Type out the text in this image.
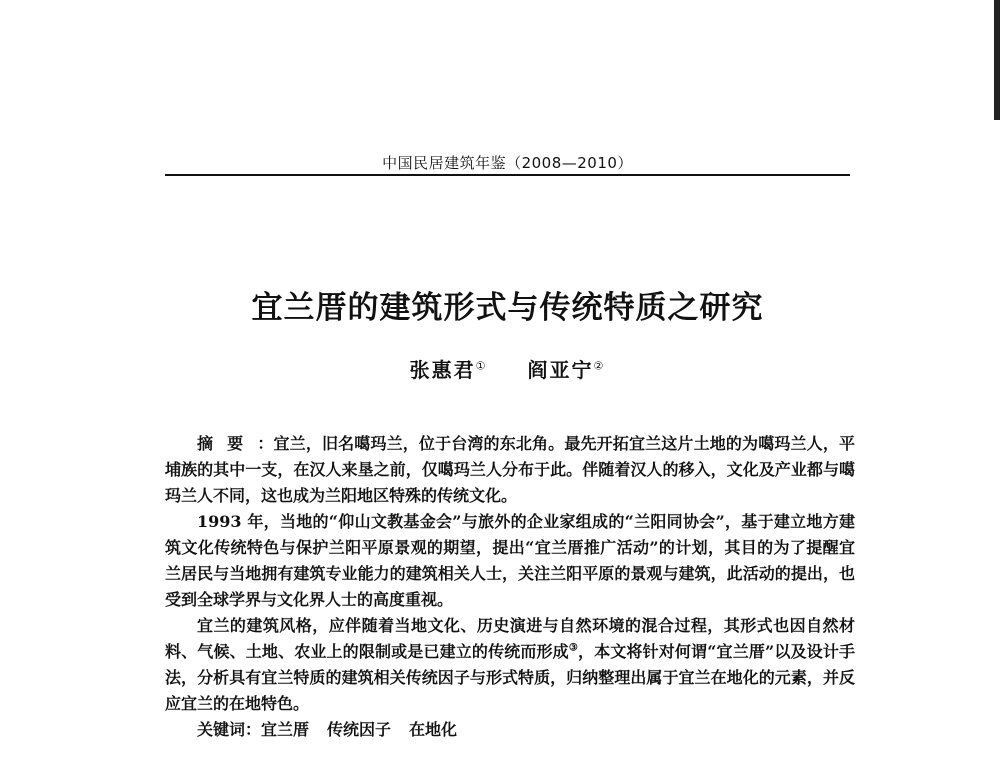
中国民居建筑年鉴（2008—2010）
宜兰厝的建筑形式与传统特质之研究
张惠君① 阎亚宁②

摘要：宜兰，旧名噶玛兰，位于台湾的东北角。最先开拓宜兰这片土地的为噶玛兰人，平埔族的其中一支，在汉人来垦之前，仅噶玛兰人分布于此。伴随着汉人的移入，文化及产业都与噶玛兰人不同，这也成为兰阳地区特殊的传统文化。

1993 年，当地的“仰山文教基金会”与旅外的企业家组成的“兰阳同协会”，基于建立地方建筑文化传统特色与保护兰阳平原景观的期望，提出“宜兰厝推广活动”的计划，其目的为了提醒宜兰居民与当地拥有建筑专业能力的建筑相关人士，关注兰阳平原的景观与建筑，此活动的提出，也受到全球学界与文化界人士的高度重视。

宜兰的建筑风格，应伴随着当地文化、历史演进与自然环境的混合过程，其形式也因自然材料、气候、土地、农业上的限制或是已建立的传统而形成③，本文将针对何谓“宜兰厝”以及设计手法，分析具有宜兰特质的建筑相关传统因子与形式特质，归纳整理出属于宜兰在地化的元素，并反应宜兰的在地特色。

关键词：宜兰厝 传统因子 在地化
